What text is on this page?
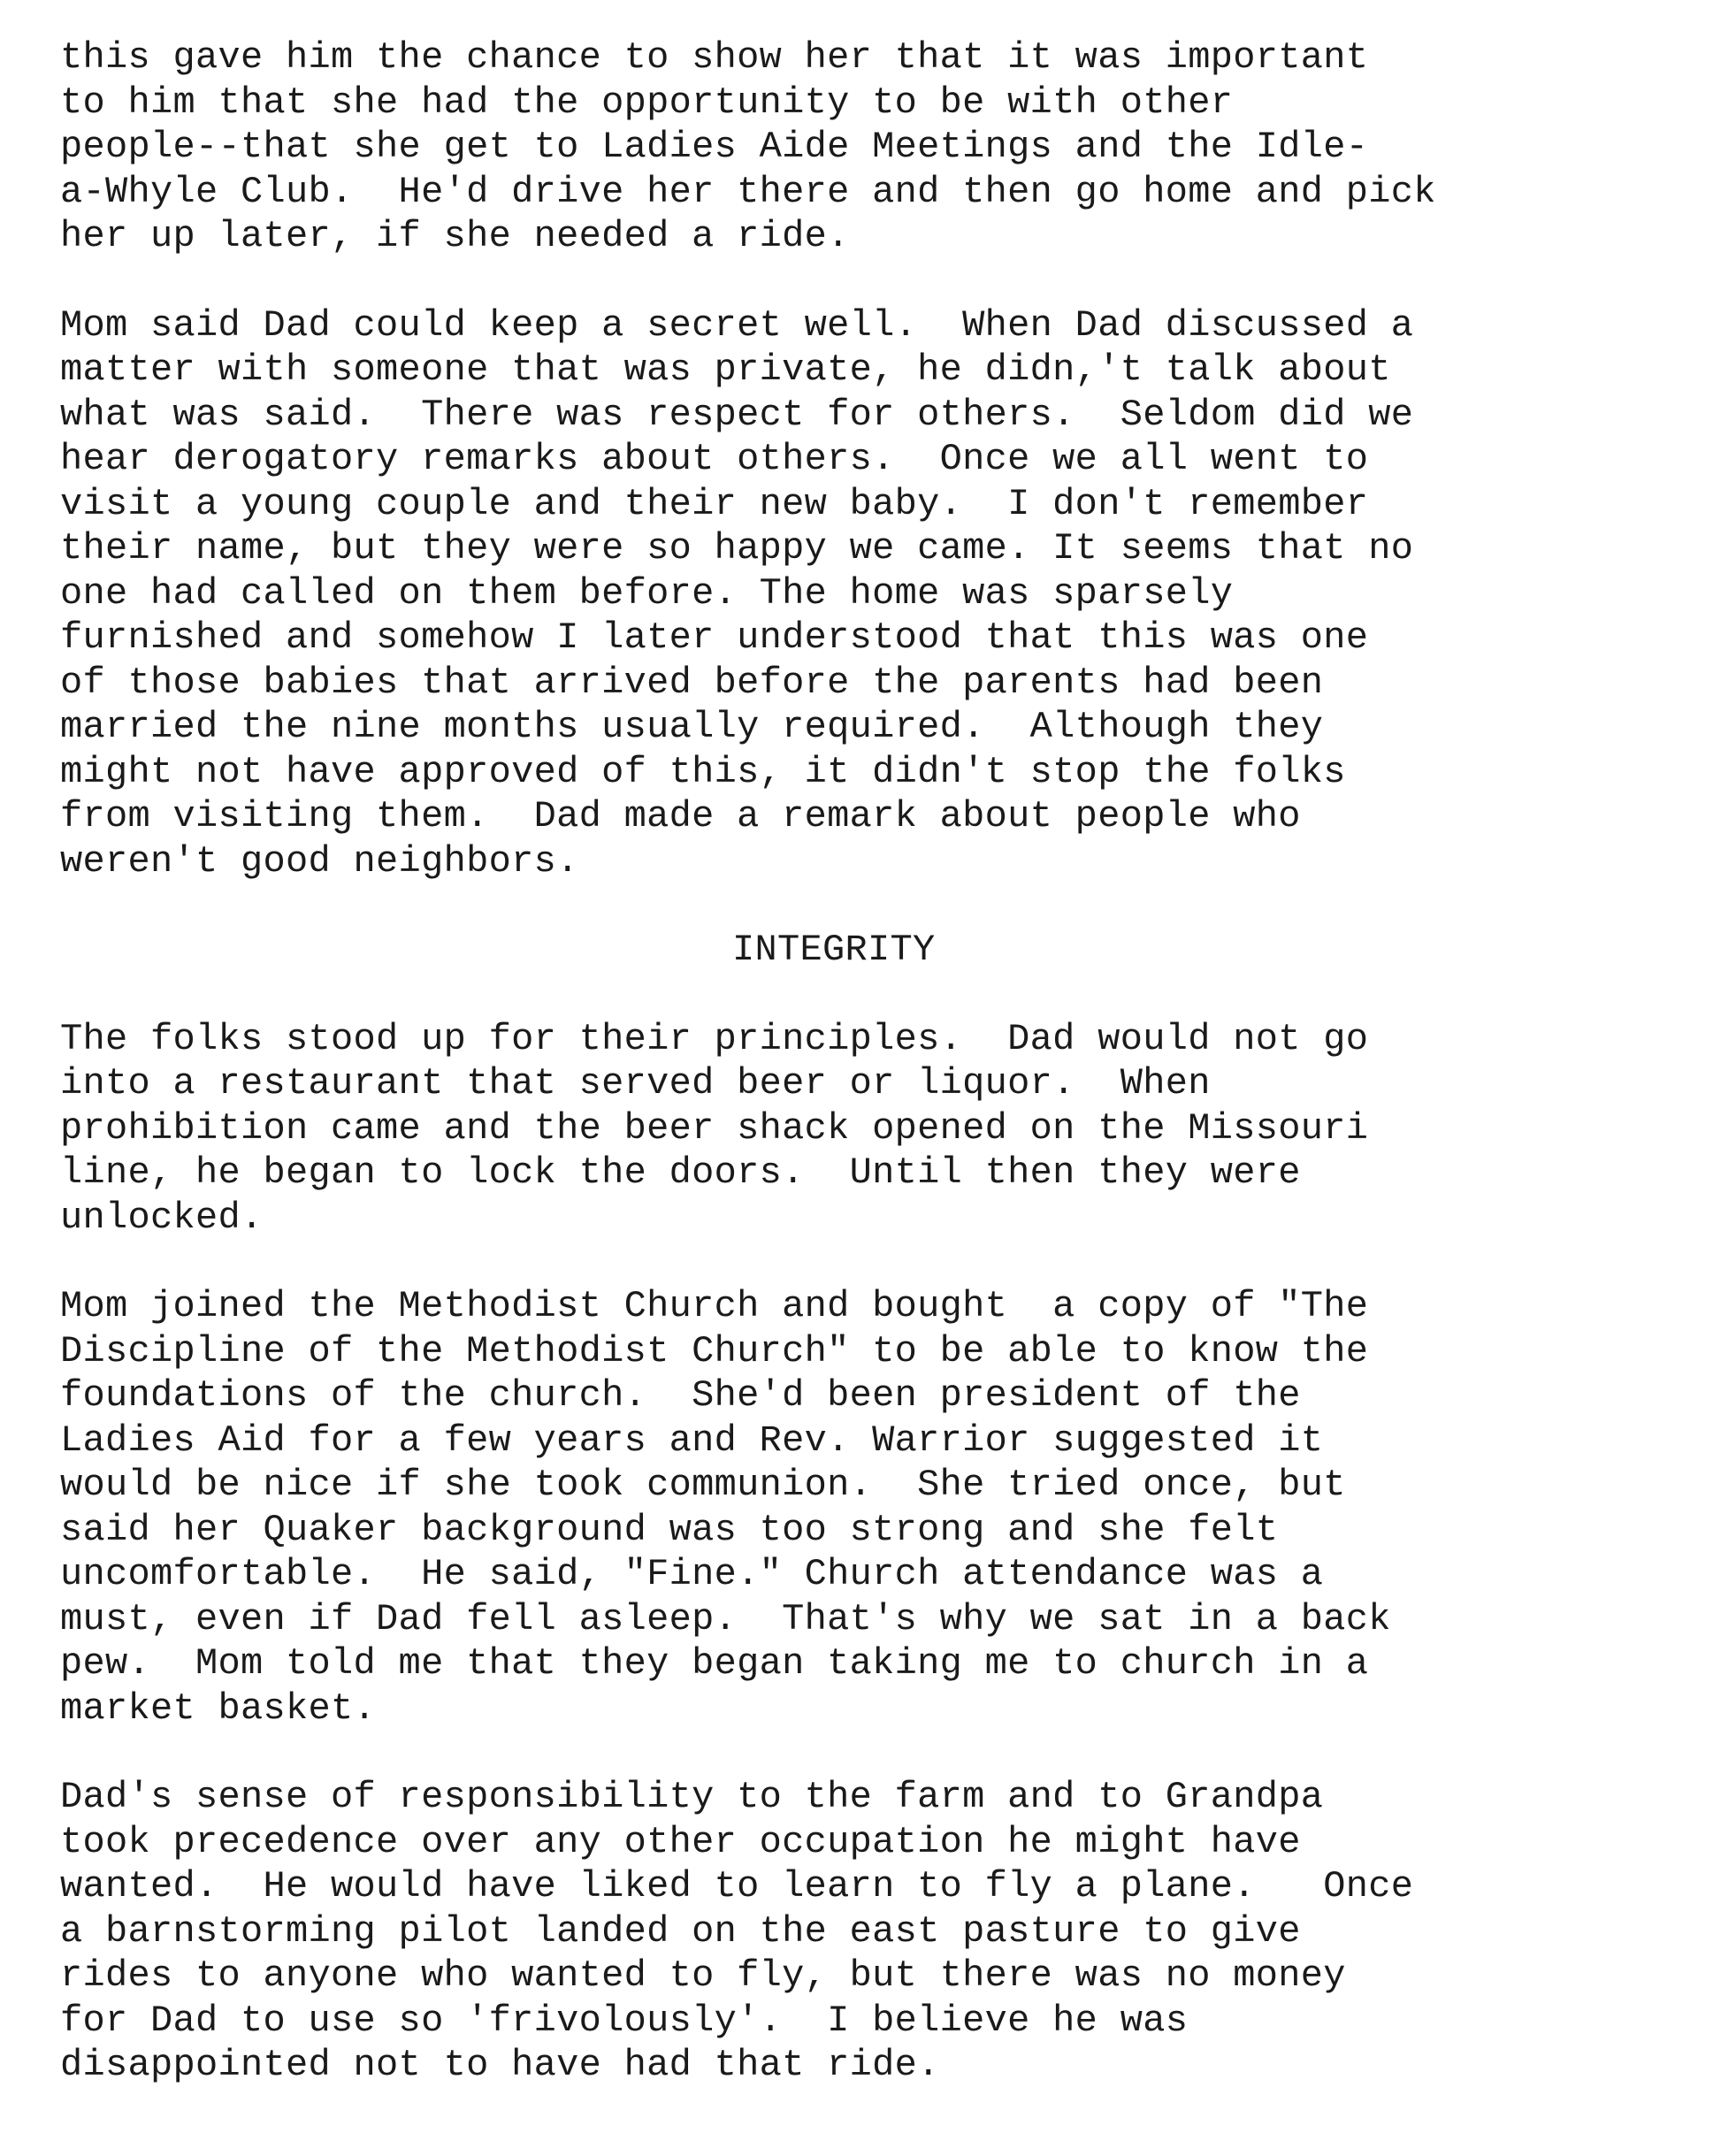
this gave him the chance to show her that it was important
to him that she had the opportunity to be with other
people--that she get to Ladies Aide Meetings and the Idle-
a-Whyle Club.  He'd drive her there and then go home and pick
her up later, if she needed a ride.
Mom said Dad could keep a secret well.  When Dad discussed a
matter with someone that was private, he didn,'t talk about
what was said.  There was respect for others.  Seldom did we
hear derogatory remarks about others.  Once we all went to
visit a young couple and their new baby.  I don't remember
their name, but they were so happy we came. It seems that no
one had called on them before. The home was sparsely
furnished and somehow I later understood that this was one
of those babies that arrived before the parents had been
married the nine months usually required.  Although they
might not have approved of this, it didn't stop the folks
from visiting them.  Dad made a remark about people who
weren't good neighbors.
INTEGRITY
The folks stood up for their principles.  Dad would not go
into a restaurant that served beer or liquor.  When
prohibition came and the beer shack opened on the Missouri
line, he began to lock the doors.  Until then they were
unlocked.
Mom joined the Methodist Church and bought  a copy of "The
Discipline of the Methodist Church" to be able to know the
foundations of the church.  She'd been president of the
Ladies Aid for a few years and Rev. Warrior suggested it
would be nice if she took communion.  She tried once, but
said her Quaker background was too strong and she felt
uncomfortable.  He said, "Fine." Church attendance was a
must, even if Dad fell asleep.  That's why we sat in a back
pew.  Mom told me that they began taking me to church in a
market basket.
Dad's sense of responsibility to the farm and to Grandpa
took precedence over any other occupation he might have
wanted.  He would have liked to learn to fly a plane.   Once
a barnstorming pilot landed on the east pasture to give
rides to anyone who wanted to fly, but there was no money
for Dad to use so 'frivolously'.  I believe he was
disappointed not to have had that ride.
